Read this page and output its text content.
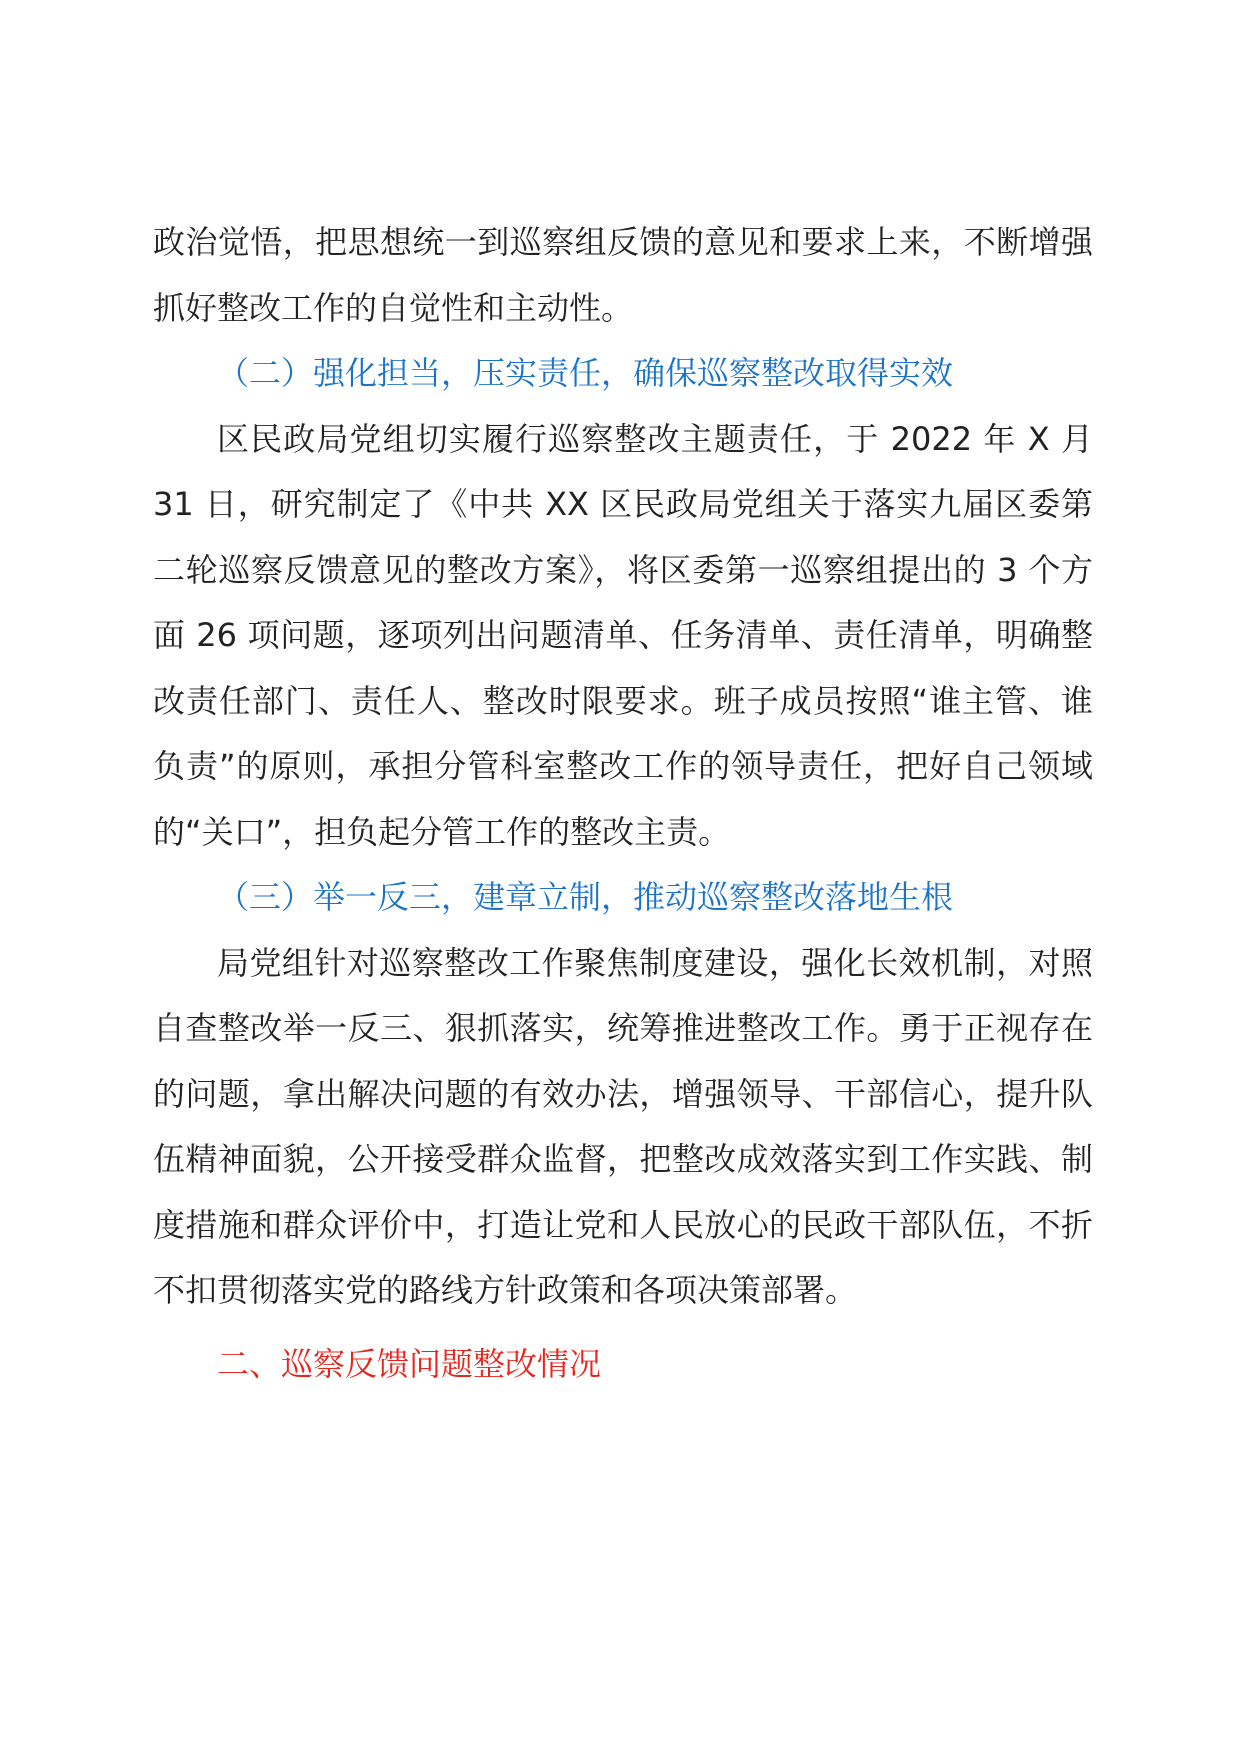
政治觉悟，把思想统一到巡察组反馈的意见和要求上来，不断增强抓好整改工作的自觉性和主动性。

（二）强化担当，压实责任，确保巡察整改取得实效

区民政局党组切实履行巡察整改主题责任，于 2022 年 X 月 31 日，研究制定了《中共 XX 区民政局党组关于落实九届区委第二轮巡察反馈意见的整改方案》，将区委第一巡察组提出的 3 个方面 26 项问题，逐项列出问题清单、任务清单、责任清单，明确整改责任部门、责任人、整改时限要求。班子成员按照“谁主管、谁负责”的原则，承担分管科室整改工作的领导责任，把好自己领域的“关口”，担负起分管工作的整改主责。

（三）举一反三，建章立制，推动巡察整改落地生根

局党组针对巡察整改工作聚焦制度建设，强化长效机制，对照自查整改举一反三、狠抓落实，统筹推进整改工作。勇于正视存在的问题，拿出解决问题的有效办法，增强领导、干部信心，提升队伍精神面貌，公开接受群众监督，把整改成效落实到工作实践、制度措施和群众评价中，打造让党和人民放心的民政干部队伍，不折不扣贯彻落实党的路线方针政策和各项决策部署。

二、巡察反馈问题整改情况
